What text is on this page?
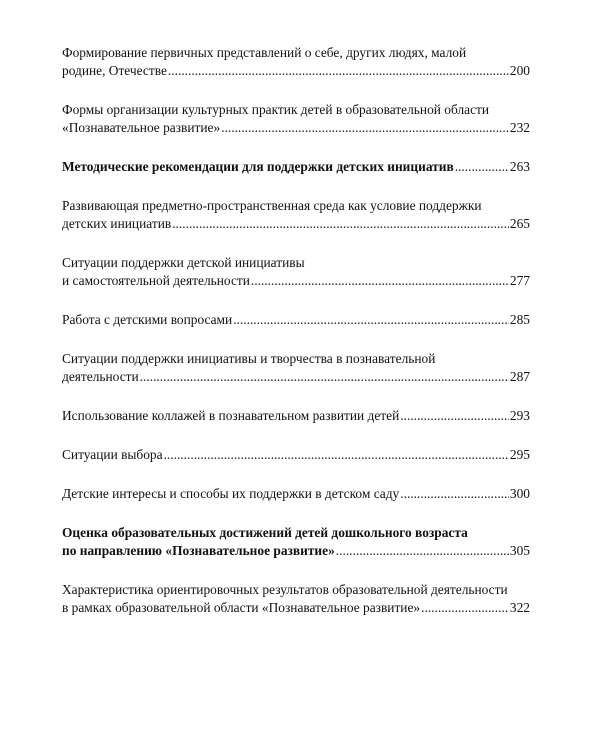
Формирование первичных представлений о себе, других людях, малой
родине, Отечестве .....	200
Формы организации культурных практик детей в образовательной области
«Познавательное развитие» .....	232
Методические рекомендации для поддержки детских инициатив .....	263
Развивающая предметно-пространственная среда как условие поддержки
детских инициатив .....	265
Ситуации поддержки детской инициативы
и самостоятельной деятельности .....	277
Работа с детскими вопросами .....	285
Ситуации поддержки инициативы и творчества в познавательной
деятельности .....	287
Использование коллажей в познавательном развитии детей .....	293
Ситуации выбора .....	295
Детские интересы и способы их поддержки в детском саду .....	300
Оценка образовательных достижений детей дошкольного возраста
по направлению «Познавательное развитие» .....	305
Характеристика ориентировочных результатов образовательной деятельности
в рамках образовательной области «Познавательное развитие» .....	322
